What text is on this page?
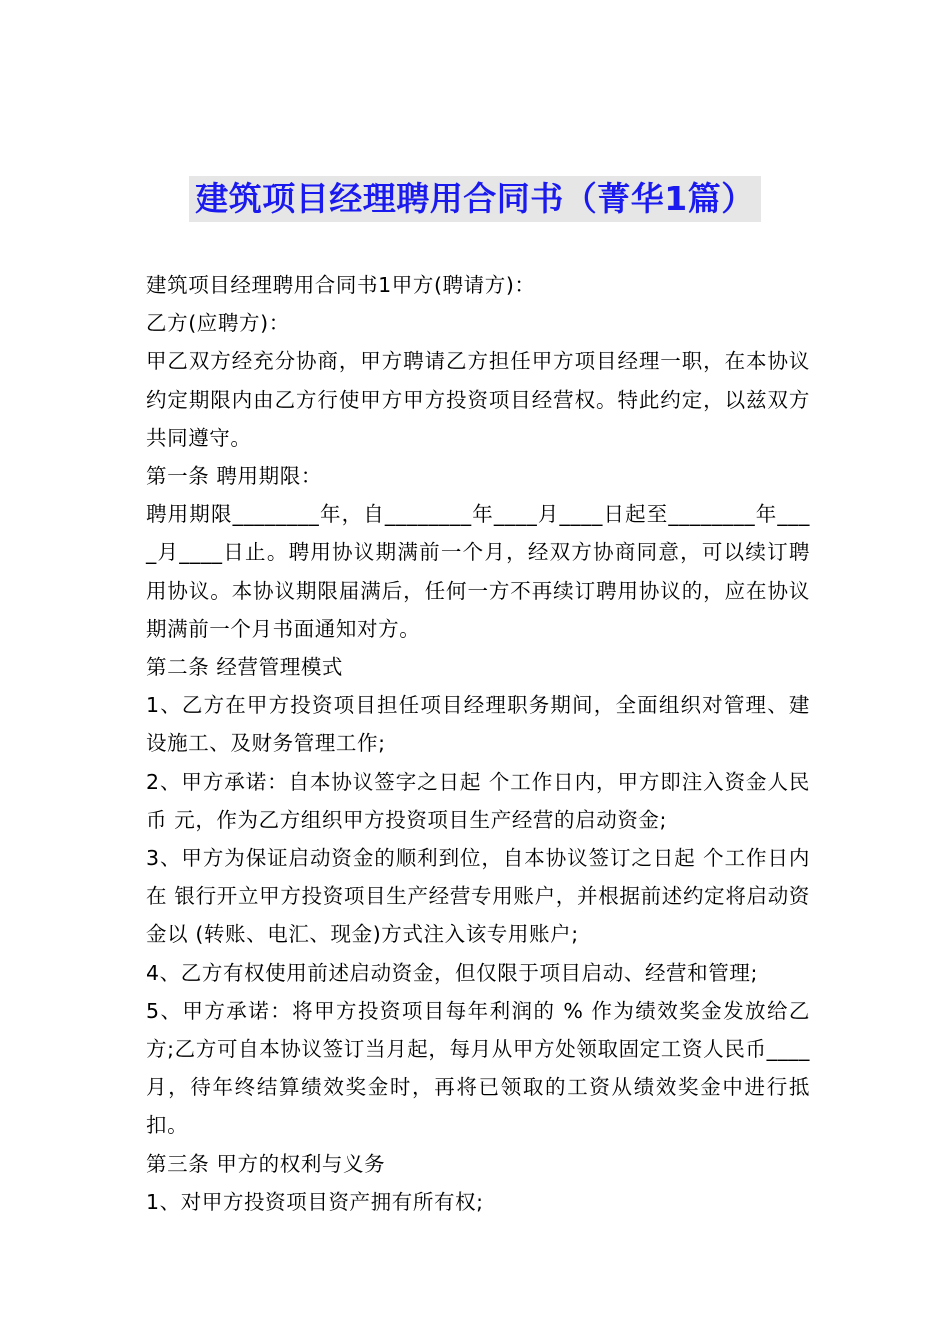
建筑项目经理聘用合同书（菁华1篇）

建筑项目经理聘用合同书1甲方(聘请方)：

乙方(应聘方)：

甲乙双方经充分协商，甲方聘请乙方担任甲方项目经理一职，在本协议约定期限内由乙方行使甲方甲方投资项目经营权。特此约定，以兹双方共同遵守。

第一条 聘用期限：

聘用期限________年，自________年____月____日起至________年____月____日止。聘用协议期满前一个月，经双方协商同意，可以续订聘用协议。本协议期限届满后，任何一方不再续订聘用协议的，应在协议期满前一个月书面通知对方。

第二条 经营管理模式

1、乙方在甲方投资项目担任项目经理职务期间，全面组织对管理、建设施工、及财务管理工作;

2、甲方承诺：自本协议签字之日起 个工作日内，甲方即注入资金人民币 元，作为乙方组织甲方投资项目生产经营的启动资金;

3、甲方为保证启动资金的顺利到位，自本协议签订之日起 个工作日内在 银行开立甲方投资项目生产经营专用账户，并根据前述约定将启动资金以 (转账、电汇、现金)方式注入该专用账户;

4、乙方有权使用前述启动资金，但仅限于项目启动、经营和管理;

5、甲方承诺：将甲方投资项目每年利润的 % 作为绩效奖金发放给乙方;乙方可自本协议签订当月起，每月从甲方处领取固定工资人民币____月，待年终结算绩效奖金时，再将已领取的工资从绩效奖金中进行抵扣。

第三条 甲方的权利与义务

1、对甲方投资项目资产拥有所有权;
